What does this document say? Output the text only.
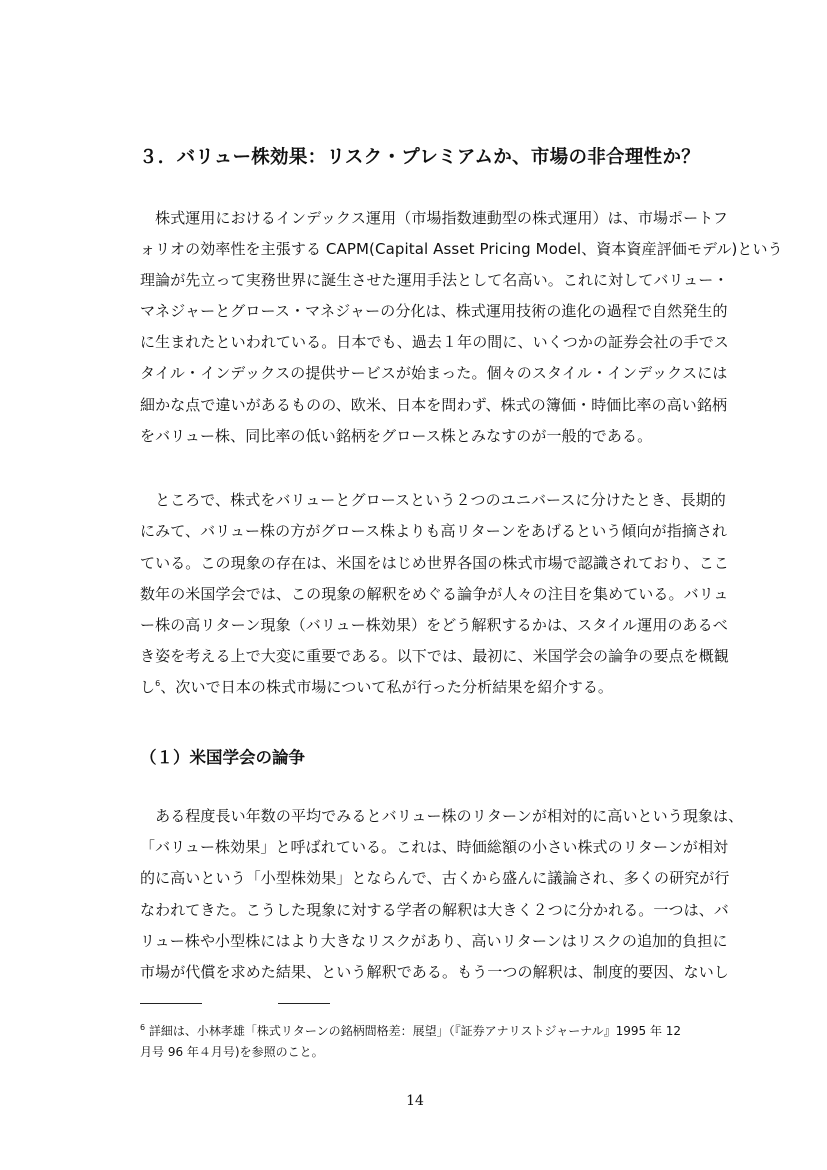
３．バリュー株効果：リスク・プレミアムか、市場の非合理性か？
　株式運用におけるインデックス運用（市場指数連動型の株式運用）は、市場ポートフ
ォリオの効率性を主張する CAPM(Capital Asset Pricing Model、資本資産評価モデル)という
理論が先立って実務世界に誕生させた運用手法として名高い。これに対してバリュー・
マネジャーとグロース・マネジャーの分化は、株式運用技術の進化の過程で自然発生的
に生まれたといわれている。日本でも、過去１年の間に、いくつかの証券会社の手でス
タイル・インデックスの提供サービスが始まった。個々のスタイル・インデックスには
細かな点で違いがあるものの、欧米、日本を問わず、株式の簿価・時価比率の高い銘柄
をバリュー株、同比率の低い銘柄をグロース株とみなすのが一般的である。
　ところで、株式をバリューとグロースという２つのユニバースに分けたとき、長期的
にみて、バリュー株の方がグロース株よりも高リターンをあげるという傾向が指摘され
ている。この現象の存在は、米国をはじめ世界各国の株式市場で認識されており、ここ
数年の米国学会では、この現象の解釈をめぐる論争が人々の注目を集めている。バリュ
ー株の高リターン現象（バリュー株効果）をどう解釈するかは、スタイル運用のあるべ
き姿を考える上で大変に重要である。以下では、最初に、米国学会の論争の要点を概観
し$^6$、次いで日本の株式市場について私が行った分析結果を紹介する。
（１）米国学会の論争
　ある程度長い年数の平均でみるとバリュー株のリターンが相対的に高いという現象は、
「バリュー株効果」と呼ばれている。これは、時価総額の小さい株式のリターンが相対
的に高いという「小型株効果」とならんで、古くから盛んに議論され、多くの研究が行
なわれてきた。こうした現象に対する学者の解釈は大きく２つに分かれる。一つは、バ
リュー株や小型株にはより大きなリスクがあり、高いリターンはリスクの追加的負担に
市場が代償を求めた結果、という解釈である。もう一つの解釈は、制度的要因、ないし
$^6$ 詳細は、小林孝雄「株式リターンの銘柄間格差：展望」（『証券アナリストジャーナル』1995 年 12
月号 96 年４月号)を参照のこと。
14
